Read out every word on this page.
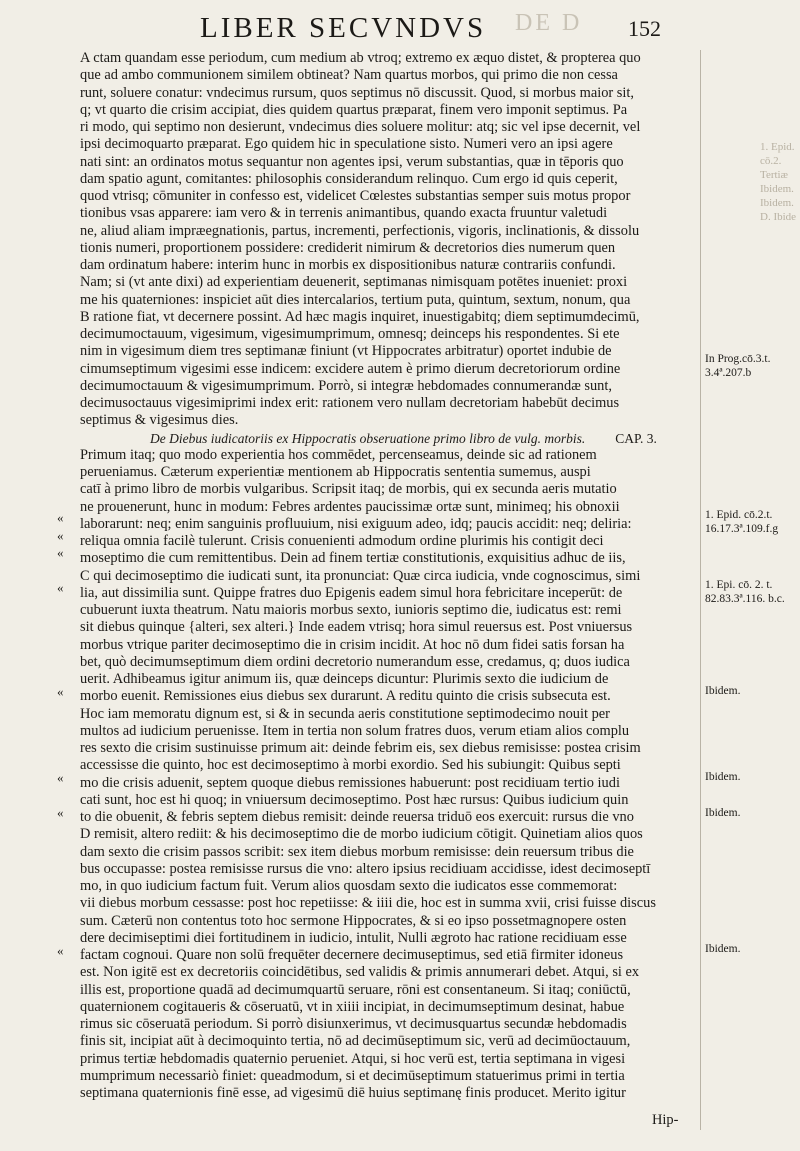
DE D
LIBER SECVNDVS	152
A ctam quandam esse periodum, cum medium ab vtroq; extremo ex æquo distet, & propterea quo
que ad ambo communionem similem obtineat? Nam quartus morbos, qui primo die non cessa
runt, soluere conatur: vndecimus rursum, quos septimus nō discussit. Quod, si morbus maior sit,
q; vt quarto die crisim accipiat, dies quidem quartus præparat, finem vero imponit septimus. Pa
ri modo, qui septimo non desierunt, vndecimus dies soluere molitur: atq; sic vel ipse decernit, vel
ipsi decimoquarto præparat. Ego quidem hic in speculatione sisto. Numeri vero an ipsi agere
nati sint: an ordinatos motus sequantur non agentes ipsi, verum substantias, quæ in tēporis quo
dam spatio agunt, comitantes: philosophis considerandum relinquo. Cum ergo id quis ceperit,
quod vtrisq; cōmuniter in confesso est, videlicet Cœlestes substantias semper suis motus propor
tionibus vsas apparere: iam vero & in terrenis animantibus, quando exacta fruuntur valetudi
ne, aliud aliam impræegnationis, partus, incrementi, perfectionis, vigoris, inclinationis, & dissolu
tionis numeri, proportionem possidere: crediderit nimirum & decretorios dies numerum quen
dam ordinatum habere: interim hunc in morbis ex dispositionibus naturæ contrariis confundi.
Nam; si (vt ante dixi) ad experientiam deuenerit, septimanas nimisquam potētes inueniet: proxi
me his quaterniones: inspiciet aūt dies intercalarios, tertium puta, quintum, sextum, nonum, qua
B ratione fiat, vt decernere possint. Ad hæc magis inquiret, inuestigabitq; diem septimumdecimū,
decimumoctauum, vigesimum, vigesimumprimum, omnesq; deinceps his respondentes. Si ete
nim in vigesimum diem tres septimanæ finiunt (vt Hippocrates arbitratur) oportet indubie de
cimumseptimum vigesimi esse indicem: excidere autem è primo dierum decretoriorum ordine
decimumoctauum & vigesimumprimum. Porrò, si integræ hebdomades connumerandæ sunt,
decimusoctauus vigesimiprimi index erit: rationem vero nullam decretoriam habebūt decimus
septimus & vigesimus dies.
De Diebus iudicatoriis ex Hippocratis obseruatione primo libro de vulg. morbis. CAP. 3.
Primum itaq; quo modo experientia hos commēdet, percenseamus, deinde sic ad rationem
perueniamus. Cæterum experientiæ mentionem ab Hippocratis sententia sumemus, auspi
catī à primo libro de morbis vulgaribus. Scripsit itaq; de morbis, qui ex secunda aeris mutatio
ne prouenerunt, hunc in modum: Febres ardentes paucissimæ ortæ sunt, minimeq; his obnoxii
laborarunt: neq; enim sanguinis profluuium, nisi exiguum adeo, idq; paucis accidit: neq; deliria:
reliqua omnia facilè tulerunt. Crisis conuenienti admodum ordine plurimis his contigit deci
moseptimo die cum remittentibus. Dein ad finem tertiæ constitutionis, exquisitius adhuc de iis,
C qui decimoseptimo die iudicati sunt, ita pronunciat: Quæ circa iudicia, vnde cognoscimus, simi
lia, aut dissimilia sunt. Quippe fratres duo Epigenis eadem simul hora febricitare inceperūt: de
cubuerunt iuxta theatrum. Natu maioris morbus sexto, iunioris septimo die, iudicatus est: remi
sit diebus quinque {alteri, sex alteri.} Inde eadem vtrisq; hora simul reuersus est. Post vniuersus
morbus vtrique pariter decimoseptimo die in crisim incidit. At hoc nō dum fidei satis forsan ha
bet, quò decimumseptimum diem ordini decretorio numerandum esse, credamus, q; duos iudica
uerit. Adhibeamus igitur animum iis, quæ deinceps dicuntur: Plurimis sexto die iudicium de
morbo euenit. Remissiones eius diebus sex durarunt. A reditu quinto die crisis subsecuta est.
Hoc iam memoratu dignum est, si & in secunda aeris constitutione septimodecimo nouit per
multos ad iudicium peruenisse. Item in tertia non solum fratres duos, verum etiam alios complu
res sexto die crisim sustinuisse primum ait: deinde febrim eis, sex diebus remisisse: postea crisim
accessisse die quinto, hoc est decimoseptimo à morbi exordio. Sed his subiungit: Quibus septi
mo die crisis aduenit, septem quoque diebus remissiones habuerunt: post recidiuam tertio iudi
cati sunt, hoc est hi quoq; in vniuersum decimoseptimo. Post hæc rursus: Quibus iudicium quin
to die obuenit, & febris septem diebus remisit: deinde reuersa triduō eos exercuit: rursus die vno
D remisit, altero rediit: & his decimoseptimo die de morbo iudicium cōtigit. Quinetiam alios quos
dam sexto die crisim passos scribit: sex item diebus morbum remisisse: dein reuersum tribus die
bus occupasse: postea remisisse rursus die vno: altero ipsius recidiuam accidisse, idest decimoseptī
mo, in quo iudicium factum fuit. Verum alios quosdam sexto die iudicatos esse commemorat:
vii diebus morbum cessasse: post hoc repetiisse: & iiii die, hoc est in summa xvii, crisi fuisse discus
sum. Cæterū non contentus toto hoc sermone Hippocrates, & si eo ipso possetmagnopere osten
dere decimiseptimi diei fortitudinem in iudicio, intulit, Nulli ægroto hac ratione recidiuam esse
factam cognoui. Quare non solū frequēter decernere decimuseptimus, sed etiā firmiter idoneus
est. Non igitē est ex decretoriis coincidētibus, sed validis & primis annumerari debet. Atqui, si ex
illis est, proportione quadā ad decimumquartū seruare, rōni est consentaneum. Si itaq; coniūctū,
quaternionem cogitaueris & cōseruatū, vt in xiiii incipiat, in decimumseptimum desinat, habue
rimus sic cōseruatā periodum. Si porrò disiunxerimus, vt decimusquartus secundæ hebdomadis
finis sit, incipiat aūt à decimoquinto tertia, nō ad decimūseptimum sic, verū ad decimūoctauum,
primus tertiæ hebdomadis quaternio perueniet. Atqui, si hoc verū est, tertia septimana in vigesi
mumprimum necessariò finiet: queadmodum, si et decimūseptimum statuerimus primi in tertia
septimana quaternionis finē esse, ad vigesimū diē huius septimanę finis producet. Merito igitur
«
«
«
«
«
«
«
«
In Prog.cō.3.t. 3.4ª.207.b
1. Epid. cō.2.t. 16.17.3ª.109.f.g
1. Epi. cō. 2. t. 82.83.3ª.116. b.c.
Ibidem.
Ibidem.
Ibidem.
Ibidem.
1. Epid. cō.2. Tertiæ Ibidem. Ibidem. D. Ibide
Hip-
